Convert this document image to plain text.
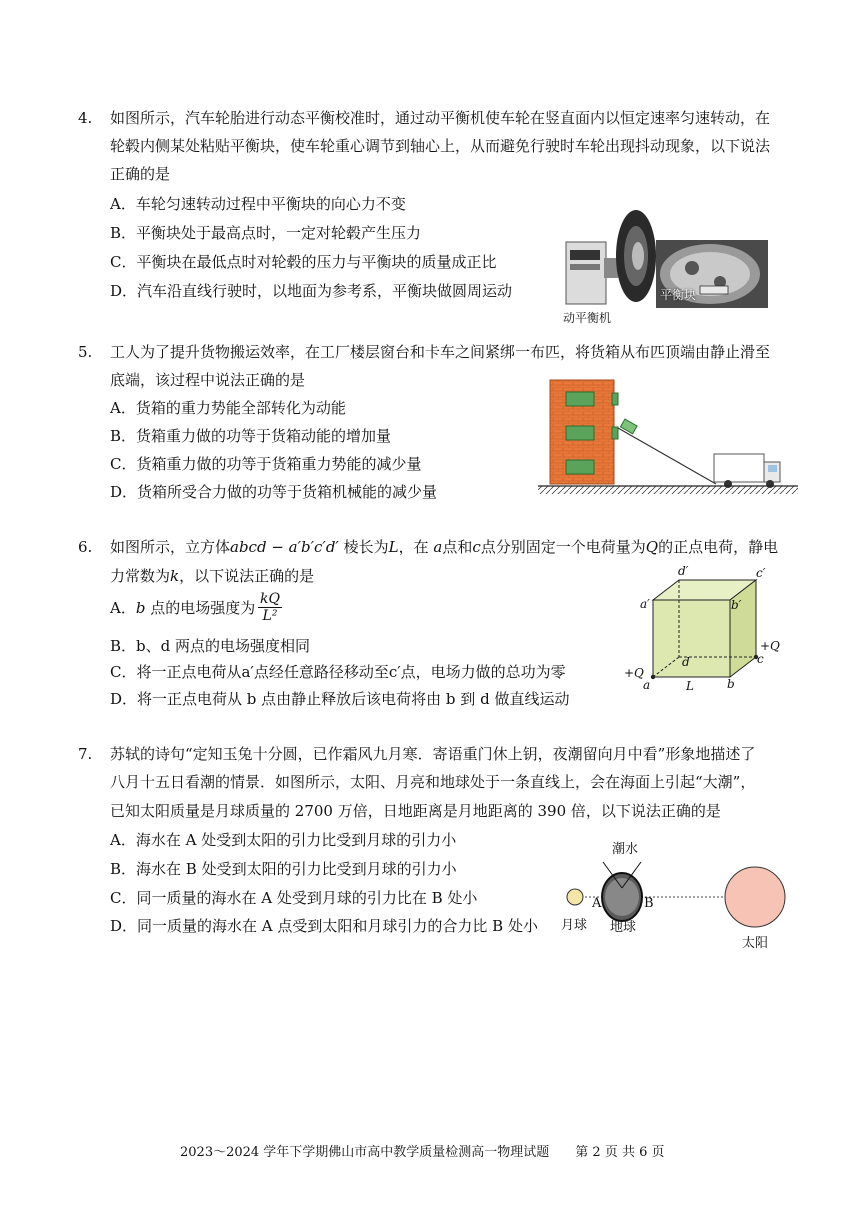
4. 如图所示，汽车轮胎进行动态平衡校准时，通过动平衡机使车轮在竖直面内以恒定速率匀速转动，在
轮毂内侧某处粘贴平衡块，使车轮重心调节到轴心上，从而避免行驶时车轮出现抖动现象，以下说法
正确的是
A．车轮匀速转动过程中平衡块的向心力不变
B．平衡块处于最高点时，一定对轮毂产生压力
C．平衡块在最低点时对轮毂的压力与平衡块的质量成正比
D．汽车沿直线行驶时，以地面为参考系，平衡块做圆周运动	平衡块
动平衡机
5. 工人为了提升货物搬运效率，在工厂楼层窗台和卡车之间紧绑一布匹，将货箱从布匹顶端由静止滑至
底端，该过程中说法正确的是
A．货箱的重力势能全部转化为动能
B．货箱重力做的功等于货箱动能的增加量
C．货箱重力做的功等于货箱重力势能的减少量
D．货箱所受合力做的功等于货箱机械能的减少量
6. 如图所示，立方体abcd − a′b′c′d′ 棱长为L，在 a点和c点分别固定一个电荷量为Q的正点电荷，静电
力常数为k，以下说法正确的是
A．b 点的电场强度为 kQ
L²
B．b、d 两点的电场强度相同
C．将一正点电荷从a′点经任意路径移动至c′点，电场力做的总功为零
D．将一正点电荷从 b 点由静止释放后该电荷将由 b 到 d 做直线运动
d′	c′
a′	b′
d	c
+Q
+Q
a	L	b
7. 苏轼的诗句“定知玉兔十分圆，已作霜风九月寒．寄语重门休上钥，夜潮留向月中看”形象地描述了
八月十五日看潮的情景．如图所示，太阳、月亮和地球处于一条直线上，会在海面上引起“大潮”，
已知太阳质量是月球质量的 2700 万倍，日地距离是月地距离的 390 倍，以下说法正确的是
A．海水在 A 处受到太阳的引力比受到月球的引力小
B．海水在 B 处受到太阳的引力比受到月球的引力小
C．同一质量的海水在 A 处受到月球的引力比在 B 处小
D．同一质量的海水在 A 点受到太阳和月球引力的合力比 B 处小
潮水
A	B
月球 地球
太阳
2023～2024 学年下学期佛山市高中教学质量检测高一物理试题　　第 2 页 共 6 页
